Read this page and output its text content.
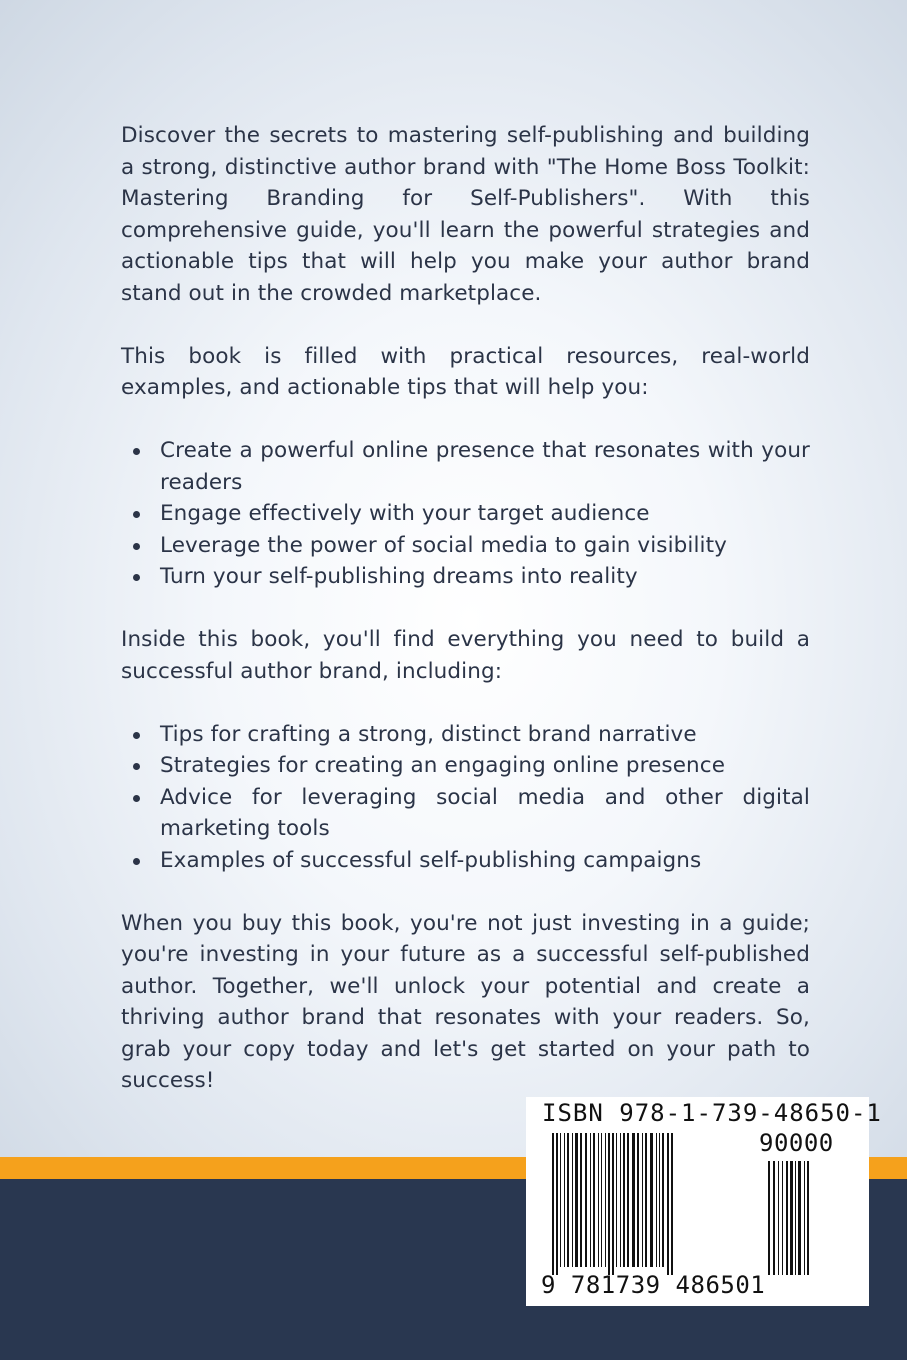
Discover the secrets to mastering self-publishing and building a strong, distinctive author brand with "The Home Boss Toolkit: Mastering Branding for Self-Publishers". With this comprehensive guide, you'll learn the powerful strategies and actionable tips that will help you make your author brand stand out in the crowded marketplace.

This book is filled with practical resources, real-world examples, and actionable tips that will help you:

Create a powerful online presence that resonates with your readers
Engage effectively with your target audience
Leverage the power of social media to gain visibility
Turn your self-publishing dreams into reality

Inside this book, you'll find everything you need to build a successful author brand, including:

Tips for crafting a strong, distinct brand narrative
Strategies for creating an engaging online presence
Advice for leveraging social media and other digital marketing tools
Examples of successful self-publishing campaigns

When you buy this book, you're not just investing in a guide; you're investing in your future as a successful self-published author. Together, we'll unlock your potential and create a thriving author brand that resonates with your readers. So, grab your copy today and let's get started on your path to success!

ISBN 978-1-739-48650-1
90000
9 781739 486501
